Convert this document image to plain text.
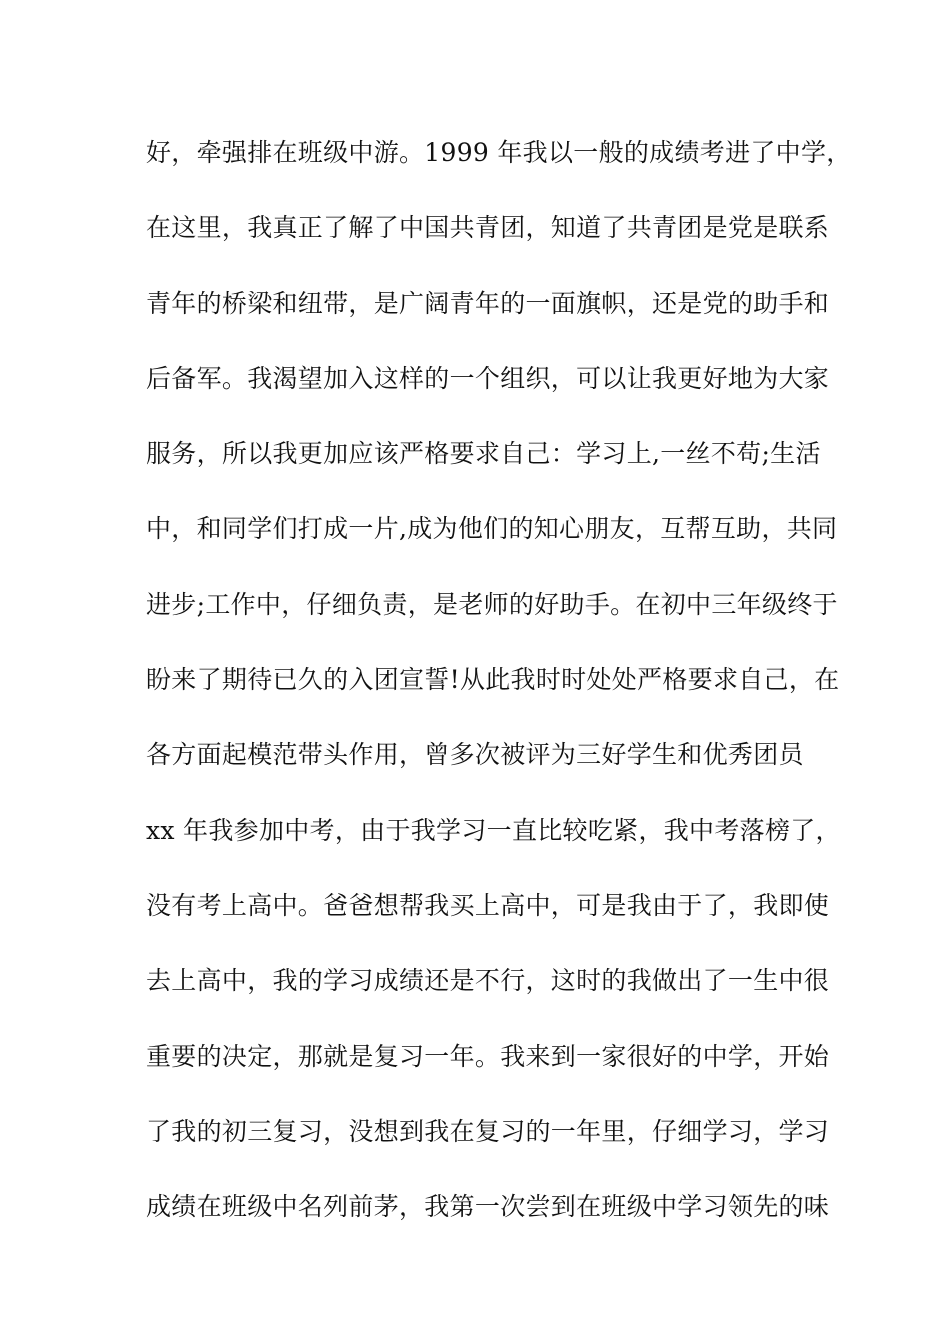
好，牵强排在班级中游。1999 年我以一般的成绩考进了中学，
在这里，我真正了解了中国共青团，知道了共青团是党是联系
青年的桥梁和纽带，是广阔青年的一面旗帜，还是党的助手和
后备军。我渴望加入这样的一个组织，可以让我更好地为大家
服务，所以我更加应该严格要求自己：学习上,一丝不苟;生活
中，和同学们打成一片,成为他们的知心朋友，互帮互助，共同
进步;工作中，仔细负责，是老师的好助手。在初中三年级终于
盼来了期待已久的入团宣誓!从此我时时处处严格要求自己，在
各方面起模范带头作用，曾多次被评为三好学生和优秀团员
xx 年我参加中考，由于我学习一直比较吃紧，我中考落榜了，
没有考上高中。爸爸想帮我买上高中，可是我由于了，我即使
去上高中，我的学习成绩还是不行，这时的我做出了一生中很
重要的决定，那就是复习一年。我来到一家很好的中学，开始
了我的初三复习，没想到我在复习的一年里，仔细学习，学习
成绩在班级中名列前茅，我第一次尝到在班级中学习领先的味
